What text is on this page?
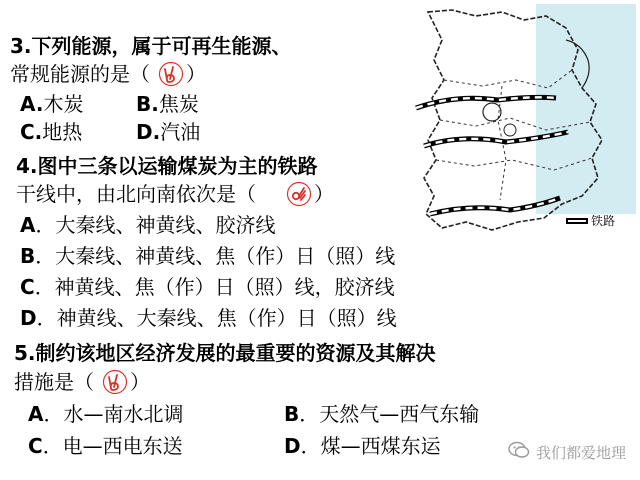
3.下列能源，属于可再生能源、
常规能源的是（ ）
A.木炭	B.焦炭
C.地热	D.汽油
4.图中三条以运输煤炭为主的铁路
干线中，由北向南依次是（	）
A．大秦线、神黄线、胶济线
B．大秦线、神黄线、焦（作）日（照）线
C．神黄线、焦（作）日（照）线，胶济线
D．神黄线、大秦线、焦（作）日（照）线
5.制约该地区经济发展的最重要的资源及其解决
措施是（ ）
A．水—南水北调	B．天然气—西气东输
C．电—西电东送	D．煤—西煤东运
铁路
我们都爱地理
